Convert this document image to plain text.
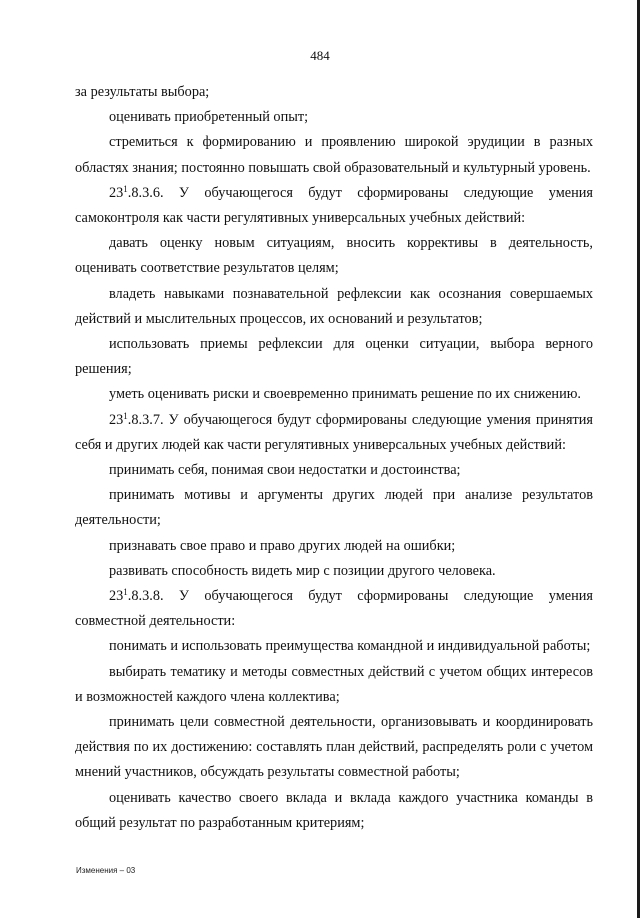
484

за результаты выбора;

оценивать приобретенный опыт;

стремиться к формированию и проявлению широкой эрудиции в разных областях знания; постоянно повышать свой образовательный и культурный уровень.

$23^1.8.3.6$. У обучающегося будут сформированы следующие умения самоконтроля как части регулятивных универсальных учебных действий:

давать оценку новым ситуациям, вносить коррективы в деятельность, оценивать соответствие результатов целям;

владеть навыками познавательной рефлексии как осознания совершаемых действий и мыслительных процессов, их оснований и результатов;

использовать приемы рефлексии для оценки ситуации, выбора верного решения;

уметь оценивать риски и своевременно принимать решение по их снижению.

$23^1.8.3.7$. У обучающегося будут сформированы следующие умения принятия себя и других людей как части регулятивных универсальных учебных действий:

принимать себя, понимая свои недостатки и достоинства;

принимать мотивы и аргументы других людей при анализе результатов деятельности;

признавать свое право и право других людей на ошибки;

развивать способность видеть мир с позиции другого человека.

$23^1.8.3.8$. У обучающегося будут сформированы следующие умения совместной деятельности:

понимать и использовать преимущества командной и индивидуальной работы;

выбирать тематику и методы совместных действий с учетом общих интересов и возможностей каждого члена коллектива;

принимать цели совместной деятельности, организовывать и координировать действия по их достижению: составлять план действий, распределять роли с учетом мнений участников, обсуждать результаты совместной работы;

оценивать качество своего вклада и вклада каждого участника команды в общий результат по разработанным критериям;

Изменения – 03
